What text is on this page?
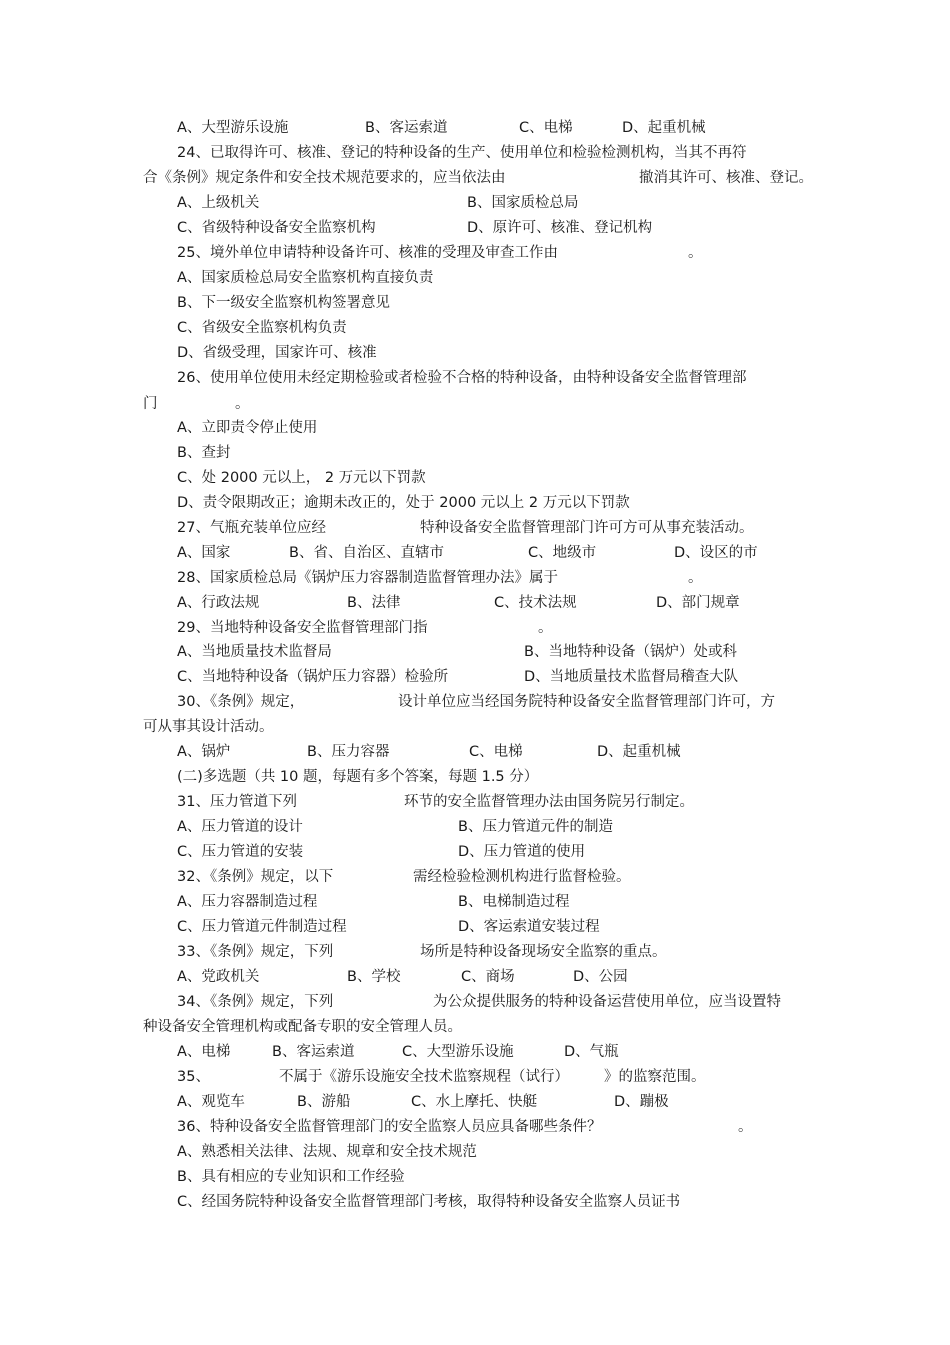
A、大型游乐设施	B、客运索道	C、电梯	D、起重机械
24、已取得许可、核准、登记的特种设备的生产、使用单位和检验检测机构，当其不再符
合《条例》规定条件和安全技术规范要求的，应当依法由	撤消其许可、核准、登记。
A、上级机关	B、国家质检总局
C、省级特种设备安全监察机构	D、原许可、核准、登记机构
25、境外单位申请特种设备许可、核准的受理及审查工作由	。
A、国家质检总局安全监察机构直接负责
B、下一级安全监察机构签署意见
C、省级安全监察机构负责
D、省级受理，国家许可、核准
26、使用单位使用未经定期检验或者检验不合格的特种设备，由特种设备安全监督管理部
门	。
A、立即责令停止使用
B、查封
C、处 2000 元以上， 2 万元以下罚款
D、责令限期改正；逾期未改正的，处于 2000 元以上 2 万元以下罚款
27、气瓶充装单位应经	特种设备安全监督管理部门许可方可从事充装活动。
A、国家	B、省、自治区、直辖市	C、地级市	D、设区的市
28、国家质检总局《锅炉压力容器制造监督管理办法》属于	。
A、行政法规	B、法律	C、技术法规	D、部门规章
29、当地特种设备安全监督管理部门指	。
A、当地质量技术监督局	B、当地特种设备（锅炉）处或科
C、当地特种设备（锅炉压力容器）检验所	D、当地质量技术监督局稽查大队
30、《条例》规定，	设计单位应当经国务院特种设备安全监督管理部门许可，方
可从事其设计活动。
A、锅炉	B、压力容器	C、电梯	D、起重机械
(二)多选题（共 10 题，每题有多个答案，每题 1.5 分）
31、压力管道下列	环节的安全监督管理办法由国务院另行制定。
A、压力管道的设计	B、压力管道元件的制造
C、压力管道的安装	D、压力管道的使用
32、《条例》规定，以下	需经检验检测机构进行监督检验。
A、压力容器制造过程	B、电梯制造过程
C、压力管道元件制造过程	D、客运索道安装过程
33、《条例》规定，下列	场所是特种设备现场安全监察的重点。
A、党政机关	B、学校	C、商场	D、公园
34、《条例》规定，下列	为公众提供服务的特种设备运营使用单位，应当设置特
种设备安全管理机构或配备专职的安全管理人员。
A、电梯	B、客运索道	C、大型游乐设施	D、气瓶
35、	不属于《游乐设施安全技术监察规程（试行） 》的监察范围。
A、观览车	B、游船	C、水上摩托、快艇	D、蹦极
36、特种设备安全监督管理部门的安全监察人员应具备哪些条件？	。
A、熟悉相关法律、法规、规章和安全技术规范
B、具有相应的专业知识和工作经验
C、经国务院特种设备安全监督管理部门考核，取得特种设备安全监察人员证书
